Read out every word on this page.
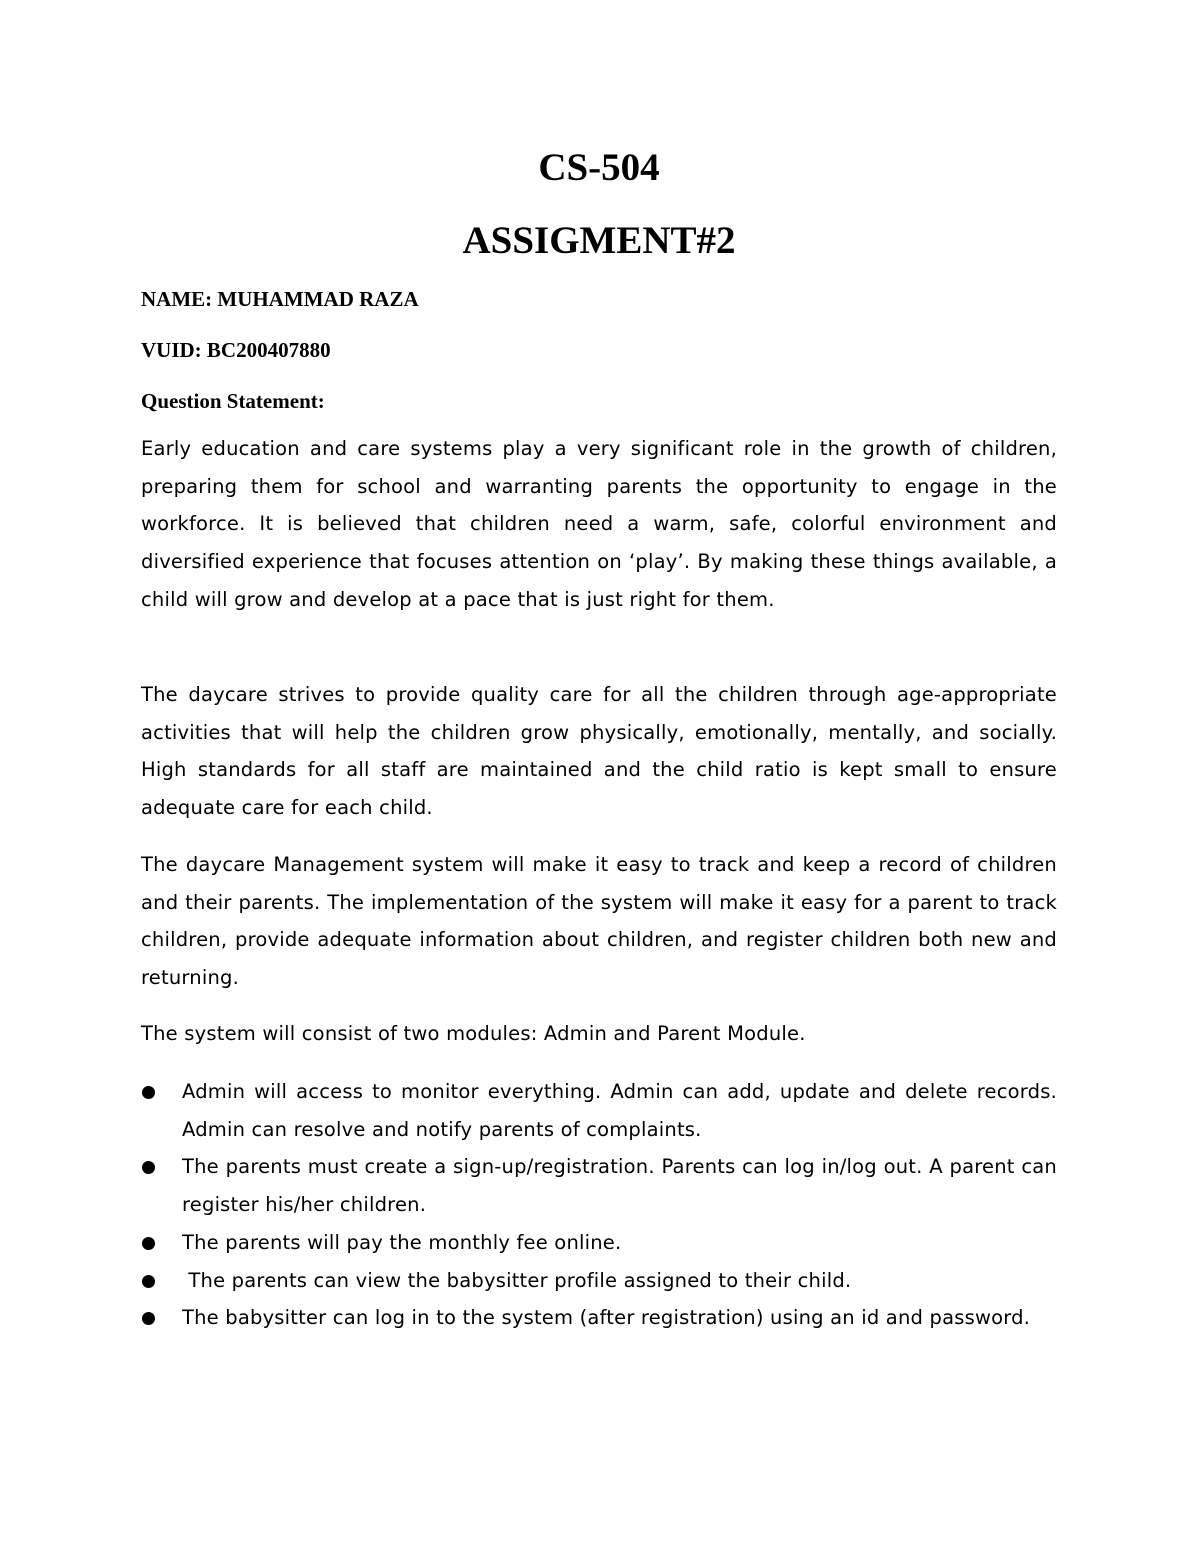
CS-504
ASSIGMENT#2

NAME: MUHAMMAD RAZA

VUID: BC200407880

Question Statement:

Early education and care systems play a very significant role in the growth of children, preparing them for school and warranting parents the opportunity to engage in the workforce. It is believed that children need a warm, safe, colorful environment and diversified experience that focuses attention on ‘play’. By making these things available, a child will grow and develop at a pace that is just right for them.

The daycare strives to provide quality care for all the children through age-appropriate activities that will help the children grow physically, emotionally, mentally, and socially. High standards for all staff are maintained and the child ratio is kept small to ensure adequate care for each child.

The daycare Management system will make it easy to track and keep a record of children and their parents. The implementation of the system will make it easy for a parent to track children, provide adequate information about children, and register children both new and returning.

The system will consist of two modules: Admin and Parent Module.

Admin will access to monitor everything. Admin can add, update and delete records. Admin can resolve and notify parents of complaints.
The parents must create a sign-up/registration. Parents can log in/log out. A parent can register his/her children.
The parents will pay the monthly fee online.
The parents can view the babysitter profile assigned to their child.
The babysitter can log in to the system (after registration) using an id and password.
